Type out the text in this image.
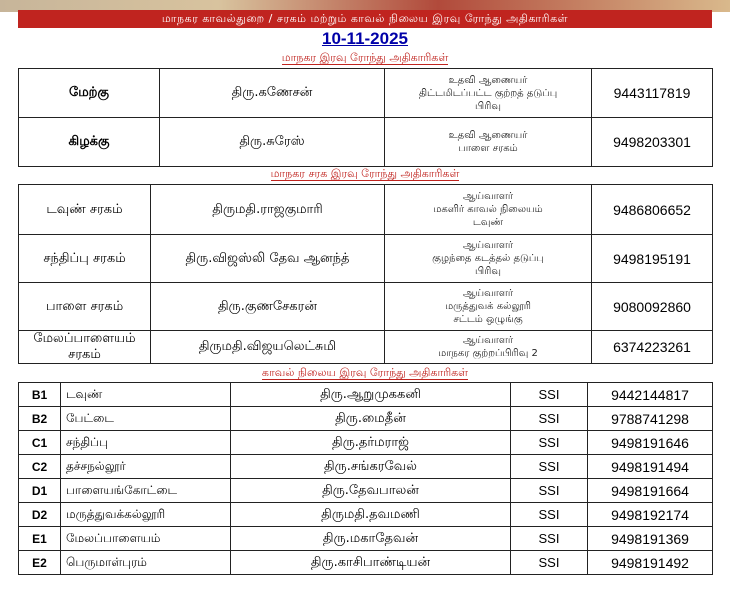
மாநகர காவல்துறை / சரகம் மற்றும் காவல் நிலைய இரவு ரோந்து அதிகாரிகள்
10-11-2025
மாநகர இரவு ரோந்து அதிகாரிகள்
மேற்கு	திரு.கணேசன்	உதவி ஆணையர்
திட்டமிடப்பட்ட குற்றத் தடுப்பு
பிரிவு	9443117819
கிழக்கு	திரு.சுரேஸ்	உதவி ஆணையர்
பாளை சரகம்	9498203301
மாநகர சரக இரவு ரோந்து அதிகாரிகள்
டவுண் சரகம்	திருமதி.ராஜகுமாரி	ஆய்வாளர்
மகளிர் காவல் நிலையம்
டவுண்	9486806652
சந்திப்பு சரகம்	திரு.விஜஸ்லி தேவ ஆனந்த்	ஆய்வாளர்
குழந்தை கடத்தல் தடுப்பு
பிரிவு	9498195191
பாளை சரகம்	திரு.குணசேகரன்	ஆய்வாளர்
மருத்துவக் கல்லூரி
சட்டம் ஒழுங்கு	9080092860
மேலப்பாளையம் சரகம்	திருமதி.விஜயலெட்சுமி	ஆய்வாளர்
மாநகர குற்றப்பிரிவு 2	6374223261
காவல் நிலைய இரவு ரோந்து அதிகாரிகள்
B1	டவுண்	திரு.ஆறுமுககனி	SSI	9442144817
B2	பேட்டை	திரு.மைதீன்	SSI	9788741298
C1	சந்திப்பு	திரு.தர்மராஜ்	SSI	9498191646
C2	தச்சநல்லூர்	திரு.சங்கரவேல்	SSI	9498191494
D1	பாளையங்கோட்டை	திரு.தேவபாலன்	SSI	9498191664
D2	மருத்துவக்கல்லூரி	திருமதி.தவமணி	SSI	9498192174
E1	மேலப்பாளையம்	திரு.மகாதேவன்	SSI	9498191369
E2	பெருமாள்புரம்	திரு.காசிபாண்டியன்	SSI	9498191492
